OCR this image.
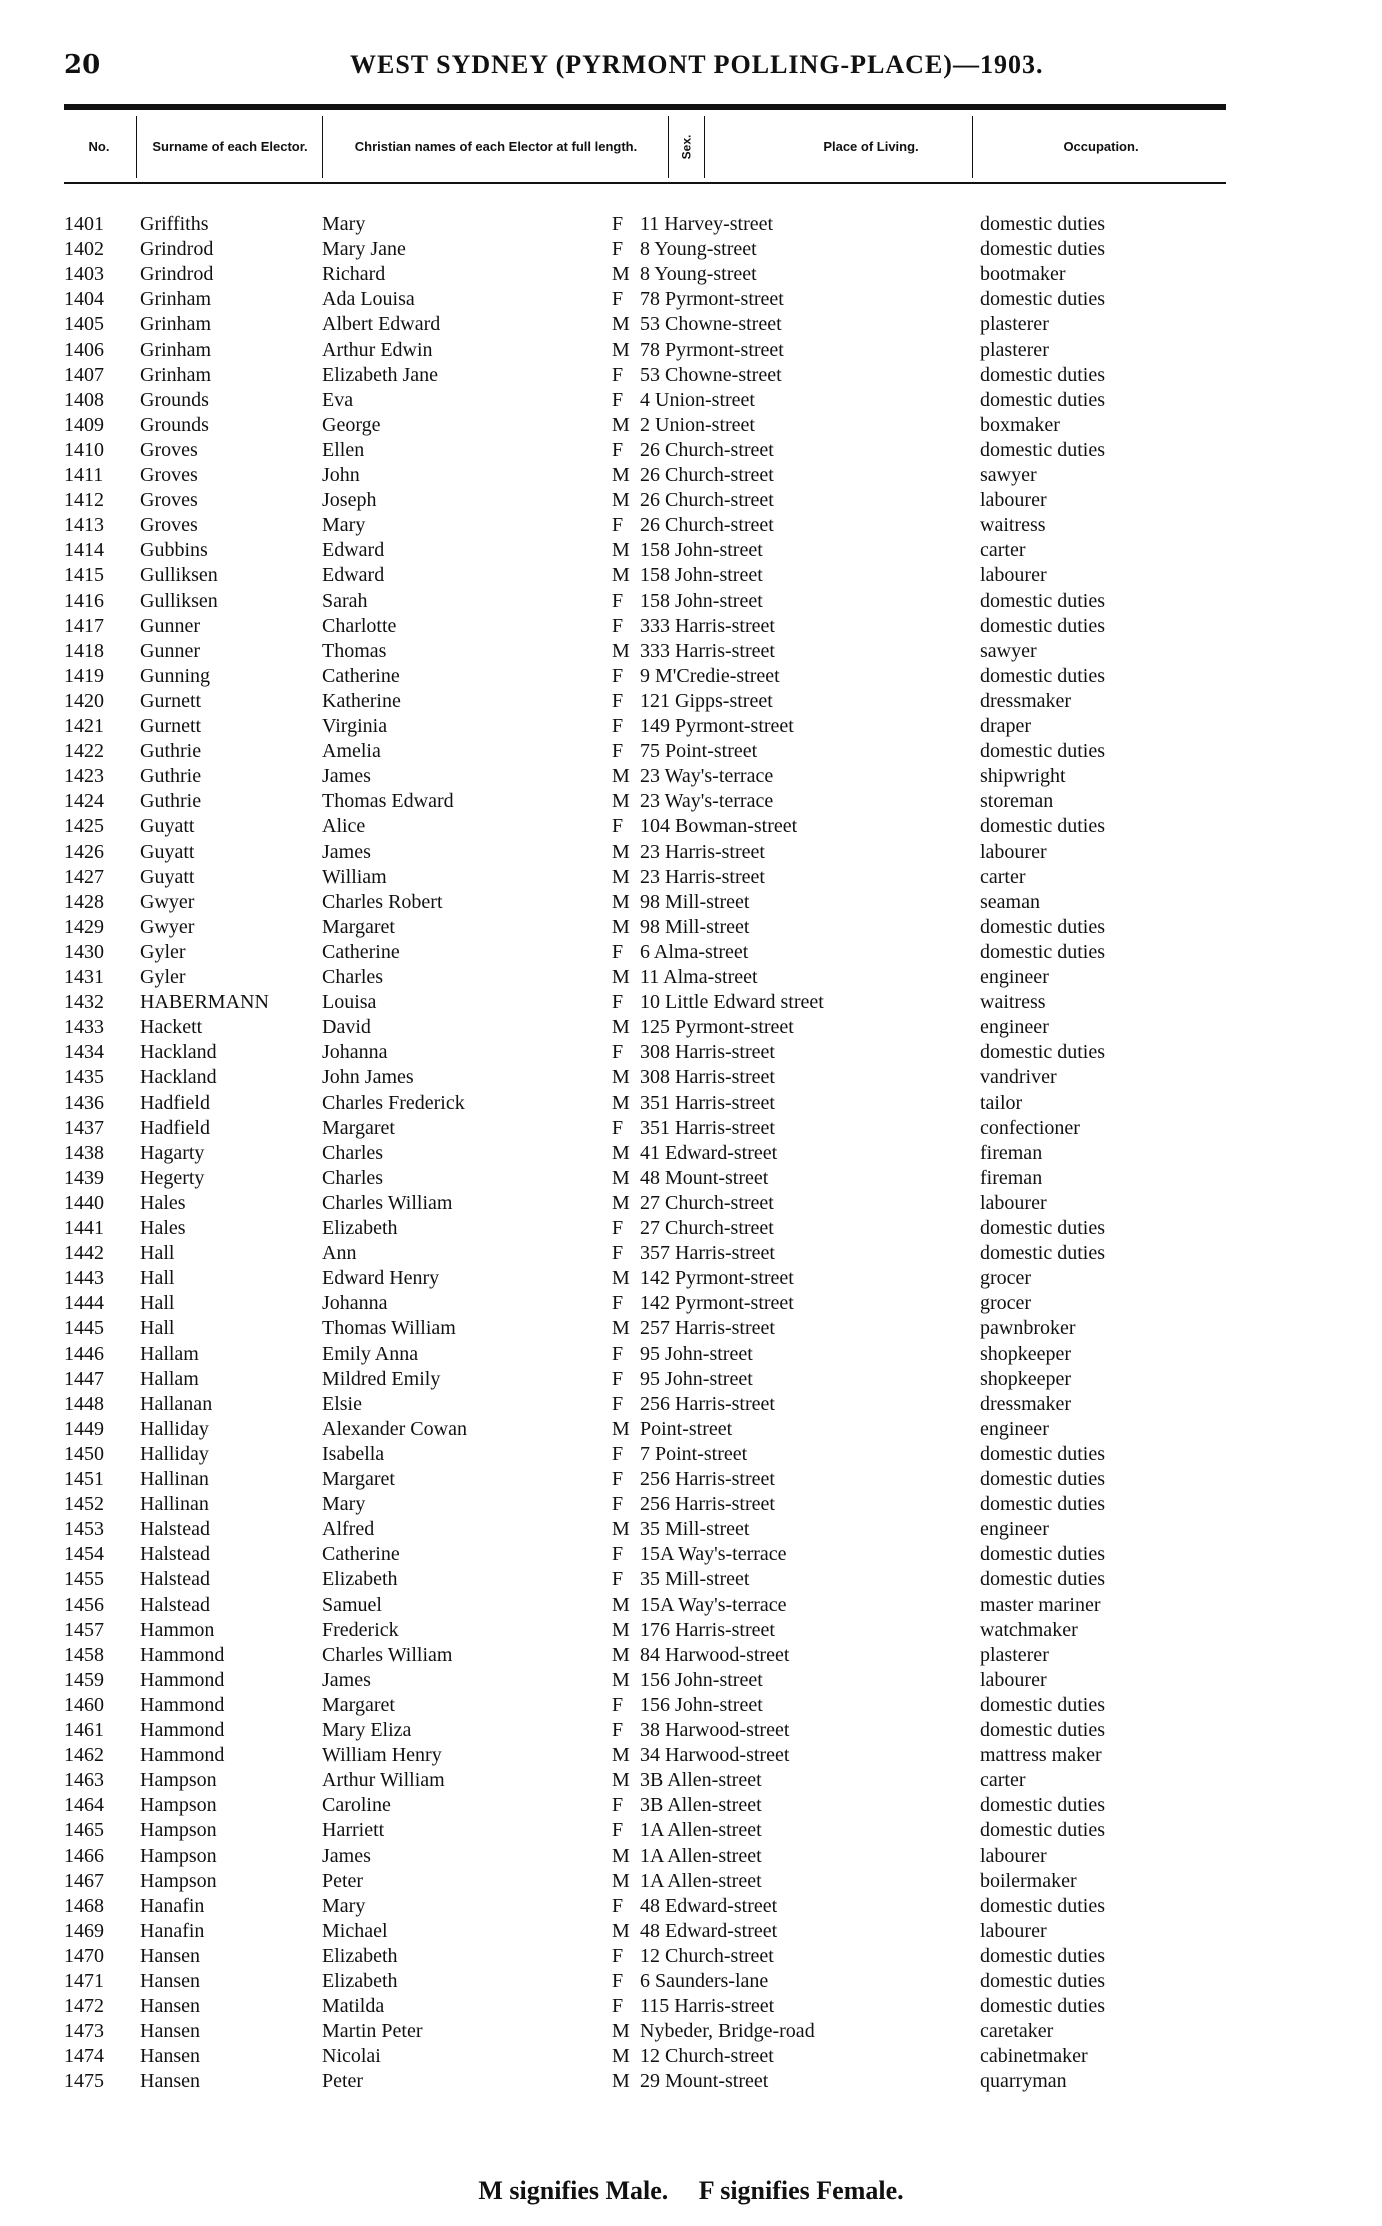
20	WEST SYDNEY (PYRMONT POLLING-PLACE)—1903.
No.	Surname of each Elector.	Christian names of each Elector at full length.	Sex.	Place of Living.	Occupation.
1401	Griffiths	Mary	F 11 Harvey-street	domestic duties
1402	Grindrod	Mary Jane	F 8 Young-street	domestic duties
1403	Grindrod	Richard	M 8 Young-street	bootmaker
1404	Grinham	Ada Louisa	F 78 Pyrmont-street	domestic duties
1405	Grinham	Albert Edward	M 53 Chowne-street	plasterer
1406	Grinham	Arthur Edwin	M 78 Pyrmont-street	plasterer
1407	Grinham	Elizabeth Jane	F 53 Chowne-street	domestic duties
1408	Grounds	Eva	F 4 Union-street	domestic duties
1409	Grounds	George	M 2 Union-street	boxmaker
1410	Groves	Ellen	F 26 Church-street	domestic duties
1411	Groves	John	M 26 Church-street	sawyer
1412	Groves	Joseph	M 26 Church-street	labourer
1413	Groves	Mary	F 26 Church-street	waitress
1414	Gubbins	Edward	M 158 John-street	carter
1415	Gulliksen	Edward	M 158 John-street	labourer
1416	Gulliksen	Sarah	F 158 John-street	domestic duties
1417	Gunner	Charlotte	F 333 Harris-street	domestic duties
1418	Gunner	Thomas	M 333 Harris-street	sawyer
1419	Gunning	Catherine	F 9 M'Credie-street	domestic duties
1420	Gurnett	Katherine	F 121 Gipps-street	dressmaker
1421	Gurnett	Virginia	F 149 Pyrmont-street	draper
1422	Guthrie	Amelia	F 75 Point-street	domestic duties
1423	Guthrie	James	M 23 Way's-terrace	shipwright
1424	Guthrie	Thomas Edward	M 23 Way's-terrace	storeman
1425	Guyatt	Alice	F 104 Bowman-street	domestic duties
1426	Guyatt	James	M 23 Harris-street	labourer
1427	Guyatt	William	M 23 Harris-street	carter
1428	Gwyer	Charles Robert	M 98 Mill-street	seaman
1429	Gwyer	Margaret	M 98 Mill-street	domestic duties
1430	Gyler	Catherine	F 6 Alma-street	domestic duties
1431	Gyler	Charles	M 11 Alma-street	engineer
1432	HABERMANN	Louisa	F 10 Little Edward street	waitress
1433	Hackett	David	M 125 Pyrmont-street	engineer
1434	Hackland	Johanna	F 308 Harris-street	domestic duties
1435	Hackland	John James	M 308 Harris-street	vandriver
1436	Hadfield	Charles Frederick	M 351 Harris-street	tailor
1437	Hadfield	Margaret	F 351 Harris-street	confectioner
1438	Hagarty	Charles	M 41 Edward-street	fireman
1439	Hegerty	Charles	M 48 Mount-street	fireman
1440	Hales	Charles William	M 27 Church-street	labourer
1441	Hales	Elizabeth	F 27 Church-street	domestic duties
1442	Hall	Ann	F 357 Harris-street	domestic duties
1443	Hall	Edward Henry	M 142 Pyrmont-street	grocer
1444	Hall	Johanna	F 142 Pyrmont-street	grocer
1445	Hall	Thomas William	M 257 Harris-street	pawnbroker
1446	Hallam	Emily Anna	F 95 John-street	shopkeeper
1447	Hallam	Mildred Emily	F 95 John-street	shopkeeper
1448	Hallanan	Elsie	F 256 Harris-street	dressmaker
1449	Halliday	Alexander Cowan	M Point-street	engineer
1450	Halliday	Isabella	F 7 Point-street	domestic duties
1451	Hallinan	Margaret	F 256 Harris-street	domestic duties
1452	Hallinan	Mary	F 256 Harris-street	domestic duties
1453	Halstead	Alfred	M 35 Mill-street	engineer
1454	Halstead	Catherine	F 15A Way's-terrace	domestic duties
1455	Halstead	Elizabeth	F 35 Mill-street	domestic duties
1456	Halstead	Samuel	M 15A Way's-terrace	master mariner
1457	Hammon	Frederick	M 176 Harris-street	watchmaker
1458	Hammond	Charles William	M 84 Harwood-street	plasterer
1459	Hammond	James	M 156 John-street	labourer
1460	Hammond	Margaret	F 156 John-street	domestic duties
1461	Hammond	Mary Eliza	F 38 Harwood-street	domestic duties
1462	Hammond	William Henry	M 34 Harwood-street	mattress maker
1463	Hampson	Arthur William	M 3B Allen-street	carter
1464	Hampson	Caroline	F 3B Allen-street	domestic duties
1465	Hampson	Harriett	F 1A Allen-street	domestic duties
1466	Hampson	James	M 1A Allen-street	labourer
1467	Hampson	Peter	M 1A Allen-street	boilermaker
1468	Hanafin	Mary	F 48 Edward-street	domestic duties
1469	Hanafin	Michael	M 48 Edward-street	labourer
1470	Hansen	Elizabeth	F 12 Church-street	domestic duties
1471	Hansen	Elizabeth	F 6 Saunders-lane	domestic duties
1472	Hansen	Matilda	F 115 Harris-street	domestic duties
1473	Hansen	Martin Peter	M Nybeder, Bridge-road	caretaker
1474	Hansen	Nicolai	M 12 Church-street	cabinetmaker
1475	Hansen	Peter	M 29 Mount-street	quarryman
M signifies Male. F signifies Female.
